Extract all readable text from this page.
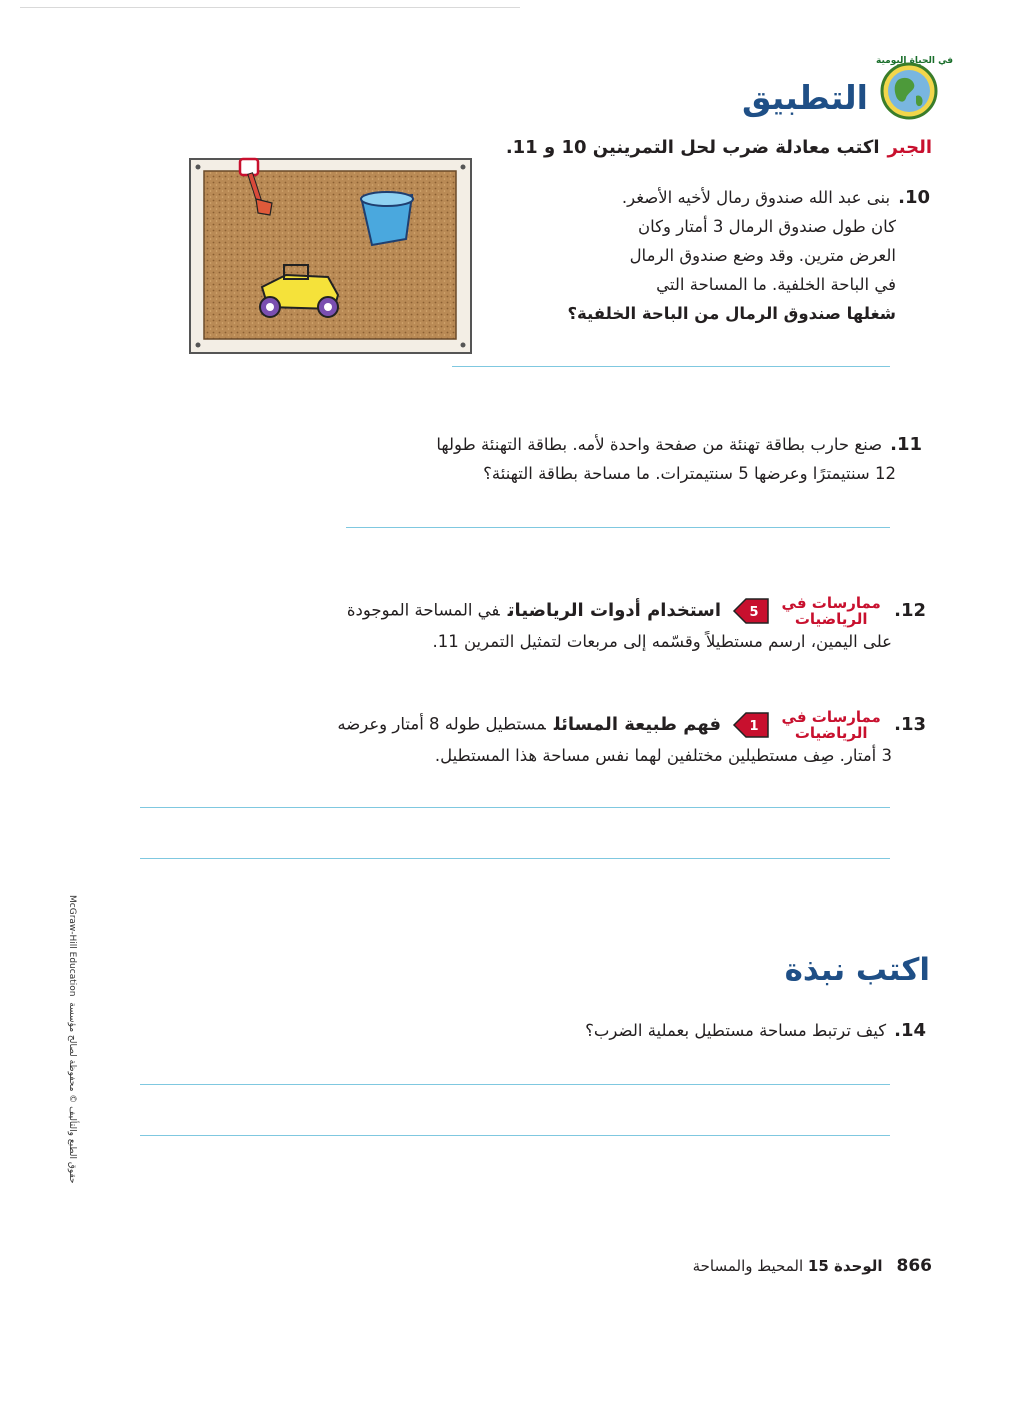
في الحياة اليومية
التطبيق
الجبراكتب معادلة ضرب لحل التمرينين 10 و 11.
10.بنى عبد الله صندوق رمال لأخيه الأصغر.
كان طول صندوق الرمال 3 أمتار وكان
العرض مترين. وقد وضع صندوق الرمال
في الباحة الخلفية. ما المساحة التي
شغلها صندوق الرمال من الباحة الخلفية؟
11.صنع حارب بطاقة تهنئة من صفحة واحدة لأمه. بطاقة التهنئة طولها
12 سنتيمترًا وعرضها 5 سنتيمترات. ما مساحة بطاقة التهنئة؟
12. ممارسات في
الرياضيات
5
استخدام أدوات الرياضياتفي المساحة الموجودة
على اليمين، ارسم مستطيلاً وقسّمه إلى مربعات لتمثيل التمرين 11.
13. ممارسات في
الرياضيات
1
فهم طبيعة المسائلمستطيل طوله 8 أمتار وعرضه
3 أمتار. صِف مستطيلين مختلفين لهما نفس مساحة هذا المستطيل.
اكتب نبذة
14.كيف ترتبط مساحة مستطيل بعملية الضرب؟
McGraw-Hill Education  حقوق الطبع والتأليف © محفوظة لصالح مؤسسة
866الوحدة 15 المحيط والمساحة
